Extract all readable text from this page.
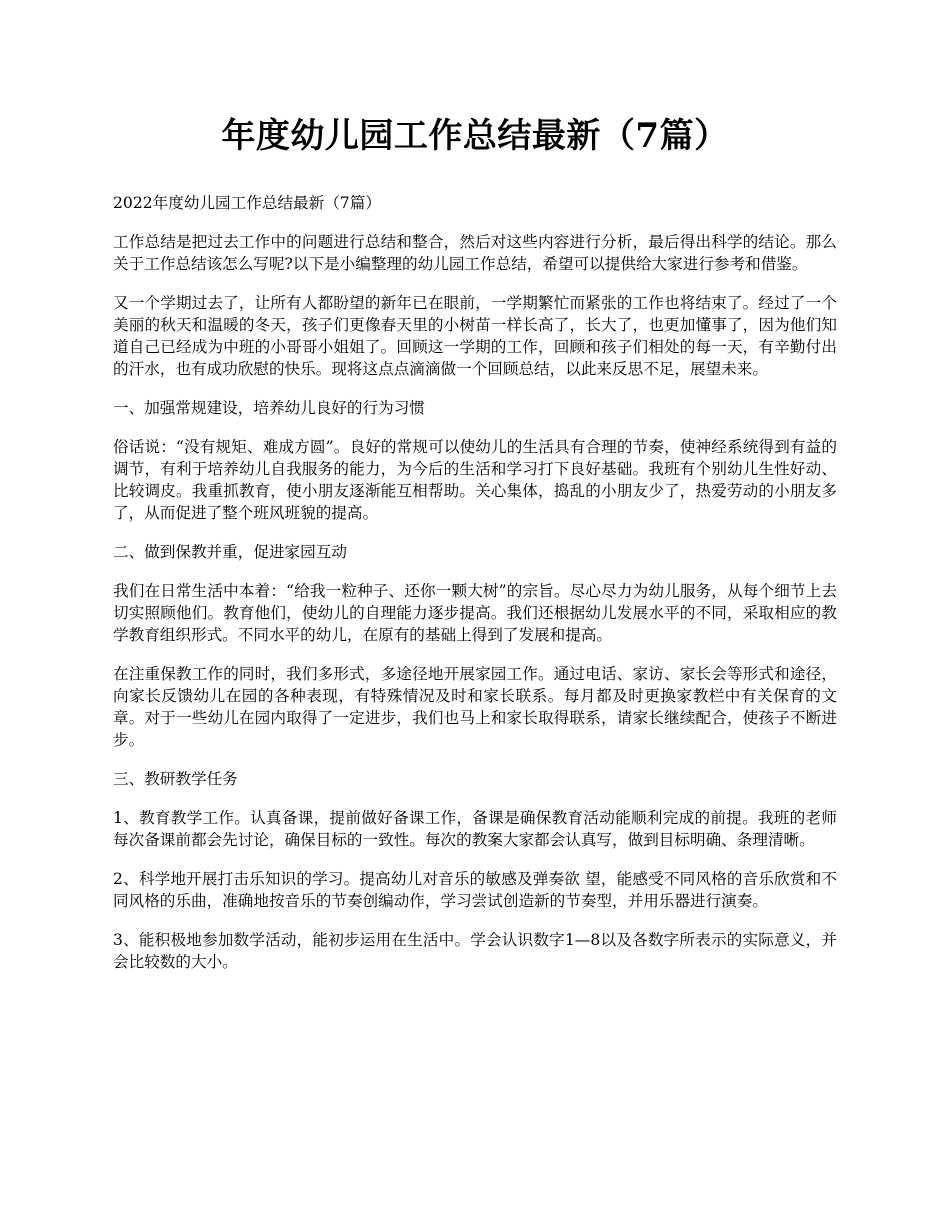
年度幼儿园工作总结最新（7篇）

2022年度幼儿园工作总结最新（7篇）

工作总结是把过去工作中的问题进行总结和整合，然后对这些内容进行分析，最后得出科学的结论。那么关于工作总结该怎么写呢?以下是小编整理的幼儿园工作总结，希望可以提供给大家进行参考和借鉴。

又一个学期过去了，让所有人都盼望的新年已在眼前，一学期繁忙而紧张的工作也将结束了。经过了一个美丽的秋天和温暖的冬天，孩子们更像春天里的小树苗一样长高了，长大了，也更加懂事了，因为他们知道自己已经成为中班的小哥哥小姐姐了。回顾这一学期的工作，回顾和孩子们相处的每一天，有辛勤付出的汗水，也有成功欣慰的快乐。现将这点点滴滴做一个回顾总结，以此来反思不足，展望未来。

一、加强常规建设，培养幼儿良好的行为习惯

俗话说：“没有规矩、难成方圆”。良好的常规可以使幼儿的生活具有合理的节奏，使神经系统得到有益的调节，有利于培养幼儿自我服务的能力，为今后的生活和学习打下良好基础。我班有个别幼儿生性好动、比较调皮。我重抓教育，使小朋友逐渐能互相帮助。关心集体，捣乱的小朋友少了，热爱劳动的小朋友多了，从而促进了整个班风班貌的提高。

二、做到保教并重，促进家园互动

我们在日常生活中本着：“给我一粒种子、还你一颗大树”的宗旨。尽心尽力为幼儿服务，从每个细节上去切实照顾他们。教育他们，使幼儿的自理能力逐步提高。我们还根据幼儿发展水平的不同，采取相应的教学教育组织形式。不同水平的幼儿，在原有的基础上得到了发展和提高。

在注重保教工作的同时，我们多形式，多途径地开展家园工作。通过电话、家访、家长会等形式和途径，向家长反馈幼儿在园的各种表现，有特殊情况及时和家长联系。每月都及时更换家教栏中有关保育的文章。对于一些幼儿在园内取得了一定进步，我们也马上和家长取得联系，请家长继续配合，使孩子不断进步。

三、教研教学任务

1、教育教学工作。认真备课，提前做好备课工作，备课是确保教育活动能顺利完成的前提。我班的老师每次备课前都会先讨论，确保目标的一致性。每次的教案大家都会认真写，做到目标明确、条理清晰。

2、科学地开展打击乐知识的学习。提高幼儿对音乐的敏感及弹奏欲 望，能感受不同风格的音乐欣赏和不同风格的乐曲，准确地按音乐的节奏创编动作，学习尝试创造新的节奏型，并用乐器进行演奏。

3、能积极地参加数学活动，能初步运用在生活中。学会认识数字1—8以及各数字所表示的实际意义，并会比较数的大小。
